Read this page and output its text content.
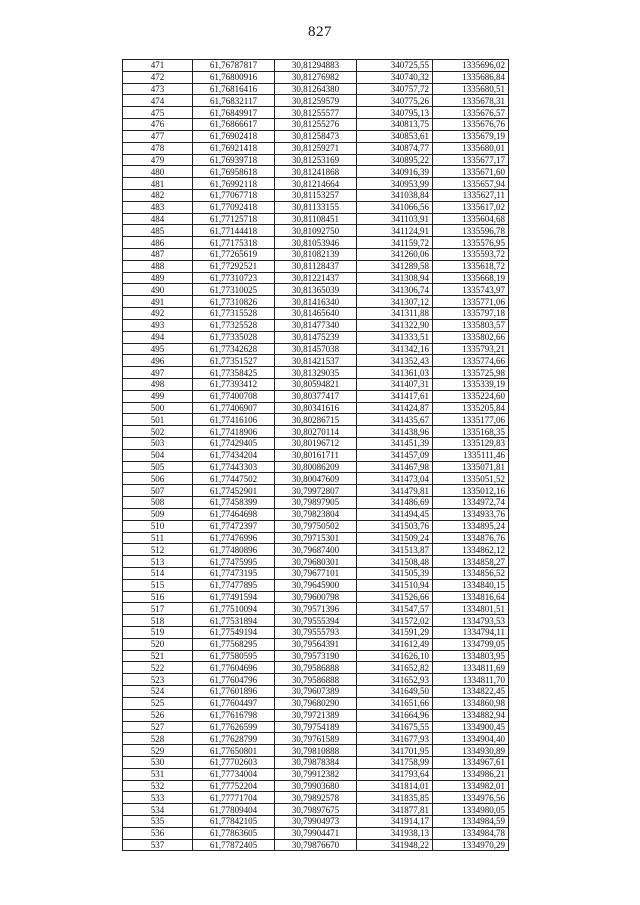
827
471	61,76787817	30,81294883	340725,55	1335696,02
472	61,76800916	30,81276982	340740,32	1335686,84
473	61,76816416	30,81264380	340757,72	1335680,51
474	61,76832117	30,81259579	340775,26	1335678,31
475	61,76849917	30,81255577	340795,13	1335676,57
476	61,76866617	30,81255276	340813,75	1335676,76
477	61,76902418	30,81258473	340853,61	1335679,19
478	61,76921418	30,81259271	340874,77	1335680,01
479	61,76939718	30,81253169	340895,22	1335677,17
480	61,76958618	30,81241868	340916,39	1335671,60
481	61,76992118	30,81214664	340953,99	1335657,94
482	61,77067718	30,81153257	341038,84	1335627,11
483	61,77092418	30,81133155	341066,56	1335617,02
484	61,77125718	30,81108451	341103,91	1335604,68
485	61,77144418	30,81092750	341124,91	1335596,78
486	61,77175318	30,81053946	341159,72	1335576,95
487	61,77265619	30,81082139	341260,06	1335593,72
488	61,77292521	30,81128437	341289,58	1335618,72
489	61,77310723	30,81221437	341308,94	1335668,19
490	61,77310025	30,81365039	341306,74	1335743,97
491	61,77310826	30,81416340	341307,12	1335771,06
492	61,77315528	30,81465640	341311,88	1335797,18
493	61,77325528	30,81477340	341322,90	1335803,57
494	61,77335028	30,81475239	341333,51	1335802,66
495	61,77342628	30,81457038	341342,16	1335793,21
496	61,77351527	30,81421537	341352,43	1335774,66
497	61,77358425	30,81329035	341361,03	1335725,98
498	61,77393412	30,80594821	341407,31	1335339,19
499	61,77400708	30,80377417	341417,61	1335224,60
500	61,77406907	30,80341616	341424,87	1335205,84
501	61,77416106	30,80286715	341435,67	1335177,06
502	61,77418906	30,80270114	341438,96	1335168,35
503	61,77429405	30,80196712	341451,39	1335129,83
504	61,77434204	30,80161711	341457,09	1335111,46
505	61,77443303	30,80086209	341467,98	1335071,81
506	61,77447502	30,80047609	341473,04	1335051,52
507	61,77452901	30,79972807	341479,81	1335012,16
508	61,77458399	30,79897905	341486,69	1334972,74
509	61,77464698	30,79823804	341494,45	1334933,76
510	61,77472397	30,79750502	341503,76	1334895,24
511	61,77476996	30,79715301	341509,24	1334876,76
512	61,77480896	30,79687400	341513,87	1334862,12
513	61,77475995	30,79680301	341508,48	1334858,27
514	61,77473195	30,79677101	341505,39	1334856,52
515	61,77477895	30,79645900	341510,94	1334840,15
516	61,77491594	30,79600798	341526,66	1334816,64
517	61,77510094	30,79571396	341547,57	1334801,51
518	61,77531894	30,79555394	341572,02	1334793,53
519	61,77549194	30,79555793	341591,29	1334794,11
520	61,77568295	30,79564391	341612,49	1334799,05
521	61,77580595	30,79573190	341626,10	1334803,95
522	61,77604696	30,79586888	341652,82	1334811,69
523	61,77604796	30,79586888	341652,93	1334811,70
524	61,77601896	30,79607389	341649,50	1334822,45
525	61,77604497	30,79680290	341651,66	1334860,98
526	61,77616798	30,79721389	341664,96	1334882,94
527	61,77626599	30,79754189	341675,55	1334900,45
528	61,77628799	30,79761589	341677,93	1334904,40
529	61,77650801	30,79810888	341701,95	1334930,89
530	61,77702603	30,79878384	341758,99	1334967,61
531	61,77734004	30,79912382	341793,64	1334986,21
532	61,77752204	30,79903680	341814,01	1334982,01
533	61,77771704	30,79892578	341835,85	1334976,56
534	61,77809404	30,79897675	341877,81	1334980,05
535	61,77842105	30,79904973	341914,17	1334984,59
536	61,77863605	30,79904471	341938,13	1334984,78
537	61,77872405	30,79876670	341948,22	1334970,29
